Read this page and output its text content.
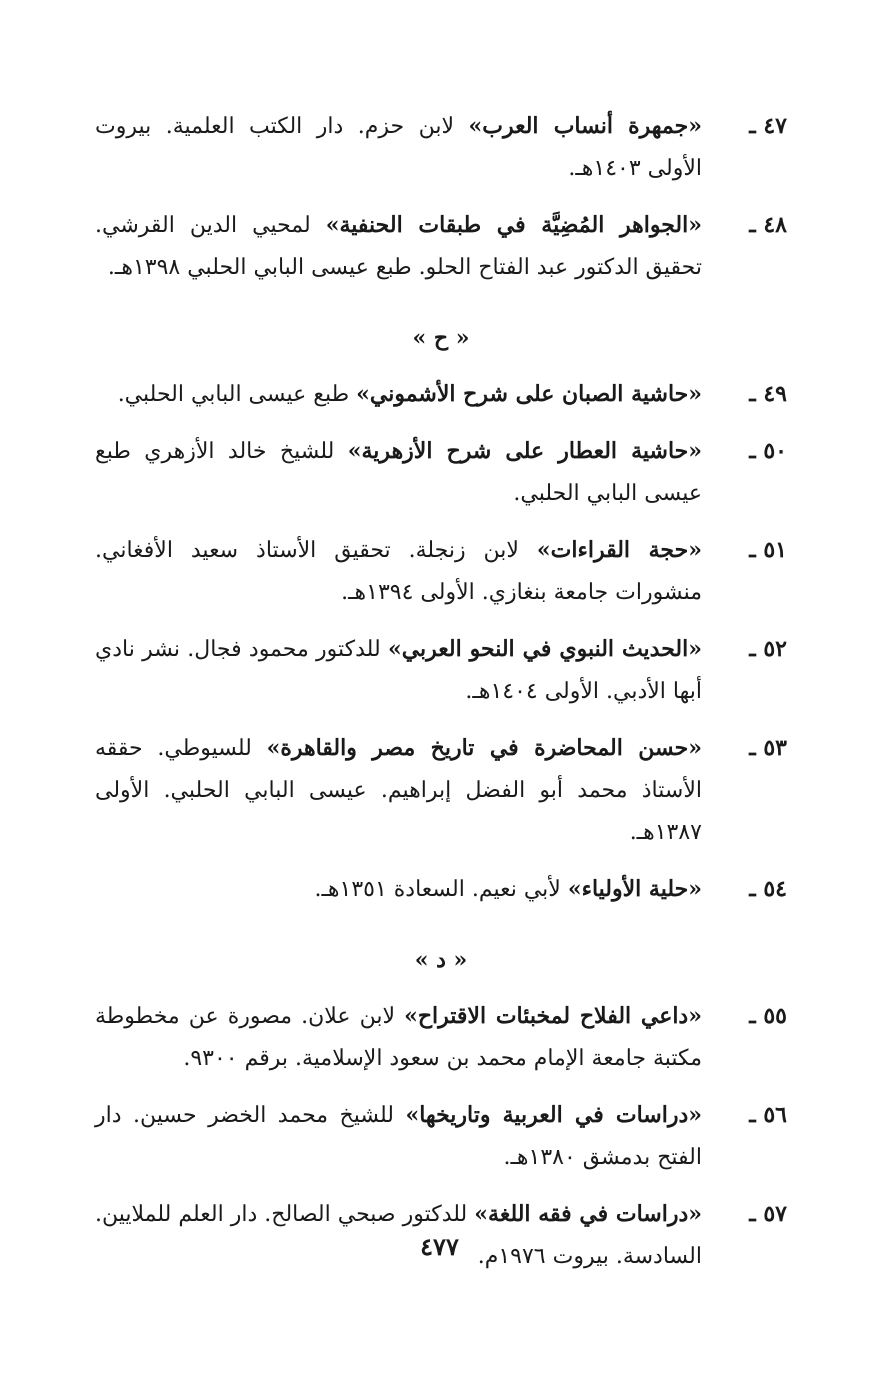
٤٧ ـ
«جمهرة أنساب العرب» لابن حزم. دار الكتب العلمية. بيروت الأولى ١٤٠٣هـ.
٤٨ ـ
«الجواهر المُضِيَّة في طبقات الحنفية» لمحيي الدين القرشي. تحقيق الدكتور عبد الفتاح الحلو. طبع عيسى البابي الحلبي ١٣٩٨هـ.
« ح »
٤٩ ـ
«حاشية الصبان على شرح الأشموني» طبع عيسى البابي الحلبي.
٥٠ ـ
«حاشية العطار على شرح الأزهرية» للشيخ خالد الأزهري طبع عيسى البابي الحلبي.
٥١ ـ
«حجة القراءات» لابن زنجلة. تحقيق الأستاذ سعيد الأفغاني. منشورات جامعة بنغازي. الأولى ١٣٩٤هـ.
٥٢ ـ
«الحديث النبوي في النحو العربي» للدكتور محمود فجال. نشر نادي أبها الأدبي. الأولى ١٤٠٤هـ.
٥٣ ـ
«حسن المحاضرة في تاريخ مصر والقاهرة» للسيوطي. حققه الأستاذ محمد أبو الفضل إبراهيم. عيسى البابي الحلبي. الأولى ١٣٨٧هـ.
٥٤ ـ
«حلية الأولياء» لأبي نعيم. السعادة ١٣٥١هـ.
« د »
٥٥ ـ
«داعي الفلاح لمخبئات الاقتراح» لابن علان. مصورة عن مخطوطة مكتبة جامعة الإمام محمد بن سعود الإسلامية. برقم ٩٣٠٠.
٥٦ ـ
«دراسات في العربية وتاريخها» للشيخ محمد الخضر حسين. دار الفتح بدمشق ١٣٨٠هـ.
٥٧ ـ
«دراسات في فقه اللغة» للدكتور صبحي الصالح. دار العلم للملايين. السادسة. بيروت ١٩٧٦م.
٤٧٧
